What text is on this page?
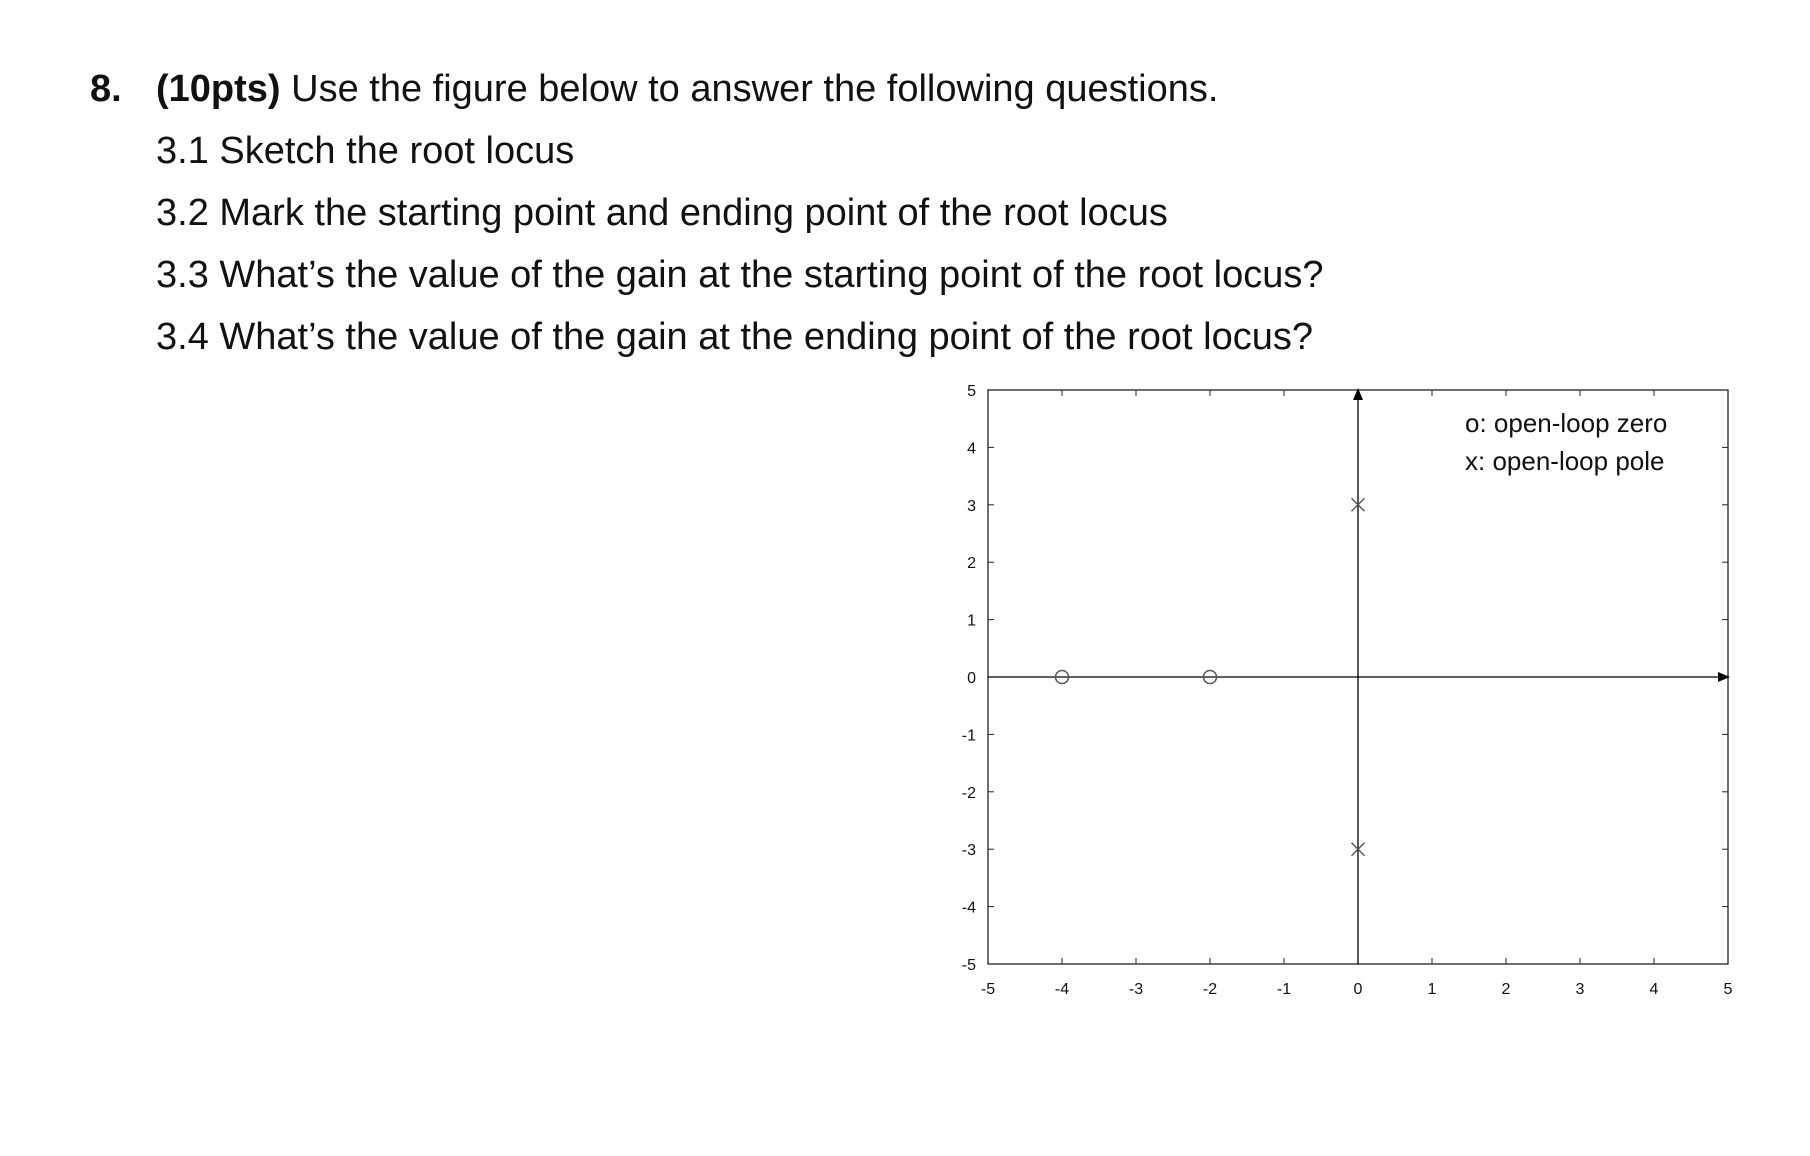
8. (10pts) Use the figure below to answer the following questions.
3.1 Sketch the root locus
3.2 Mark the starting point and ending point of the root locus
3.3 What’s the value of the gain at the starting point of the root locus?
3.4 What’s the value of the gain at the ending point of the root locus?
-5	-4	-3	-2	-1	0	1	2	3	4	5
-5
-4
-3
-2
-1
0
1
2
3
4
5
o: open-loop zero
x: open-loop pole
